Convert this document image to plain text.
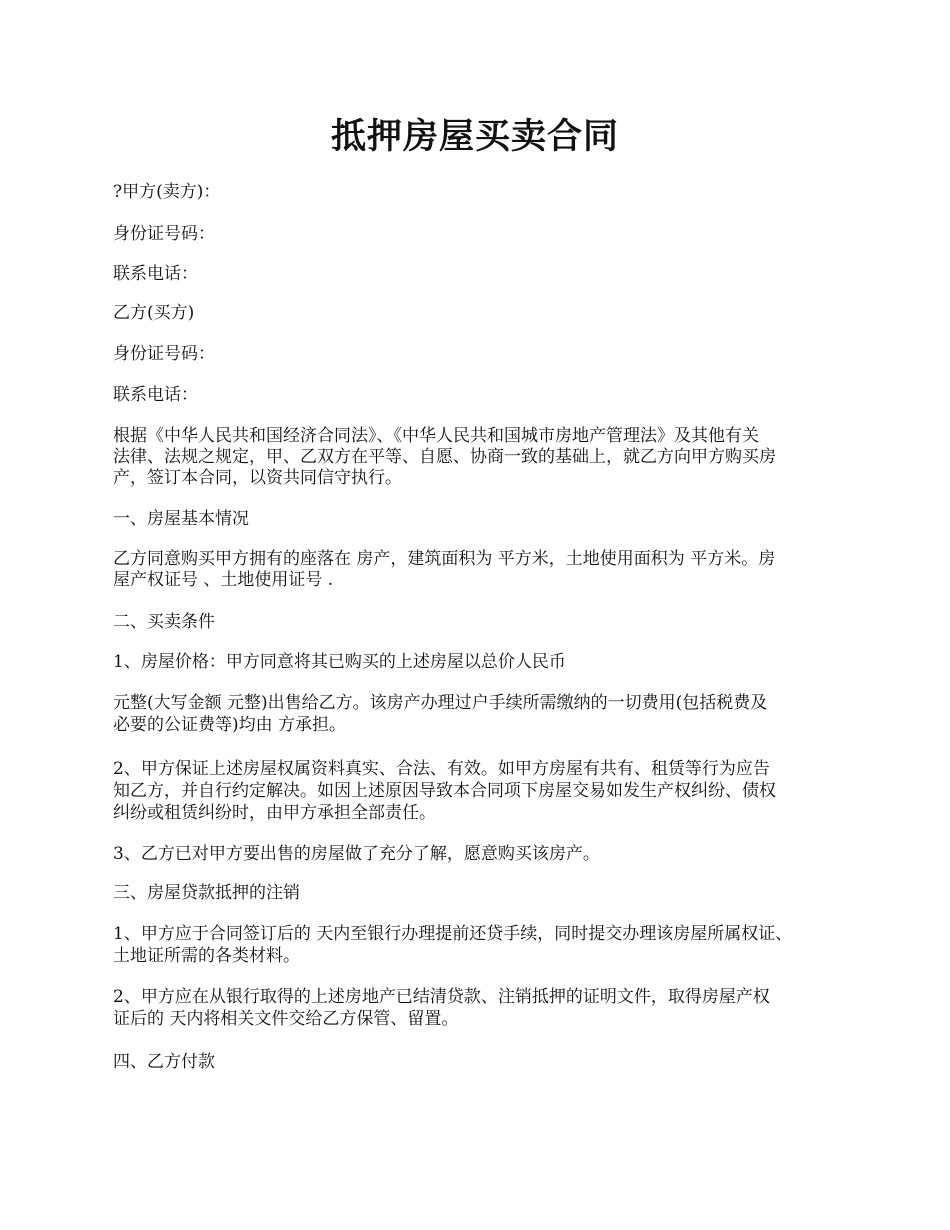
抵押房屋买卖合同
?甲方(卖方)：
身份证号码：
联系电话：
乙方(买方)
身份证号码：
联系电话：
根据《中华人民共和国经济合同法》、《中华人民共和国城市房地产管理法》及其他有关
法律、法规之规定，甲、乙双方在平等、自愿、协商一致的基础上，就乙方向甲方购买房
产，签订本合同，以资共同信守执行。
一、房屋基本情况
乙方同意购买甲方拥有的座落在 房产，建筑面积为 平方米，土地使用面积为 平方米。房
屋产权证号 、土地使用证号 .
二、买卖条件
1、房屋价格：甲方同意将其已购买的上述房屋以总价人民币
元整(大写金额 元整)出售给乙方。该房产办理过户手续所需缴纳的一切费用(包括税费及
必要的公证费等)均由 方承担。
2、甲方保证上述房屋权属资料真实、合法、有效。如甲方房屋有共有、租赁等行为应告
知乙方，并自行约定解决。如因上述原因导致本合同项下房屋交易如发生产权纠纷、债权
纠纷或租赁纠纷时，由甲方承担全部责任。
3、乙方已对甲方要出售的房屋做了充分了解，愿意购买该房产。
三、房屋贷款抵押的注销
1、甲方应于合同签订后的 天内至银行办理提前还贷手续，同时提交办理该房屋所属权证、
土地证所需的各类材料。
2、甲方应在从银行取得的上述房地产已结清贷款、注销抵押的证明文件，取得房屋产权
证后的 天内将相关文件交给乙方保管、留置。
四、乙方付款
